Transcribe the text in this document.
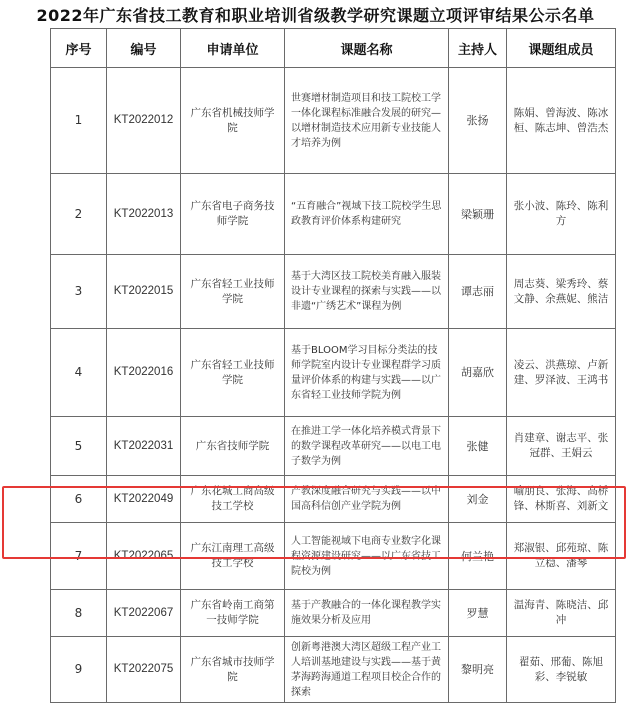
2022年广东省技工教育和职业培训省级教学研究课题立项评审结果公示名单
序号	编号	申请单位	课题名称	主持人	课题组成员
1	KT2022012	广东省机械技师学院	世赛增材制造项目和技工院校工学一体化课程标准融合发展的研究—以增材制造技术应用新专业技能人才培养为例	张扬	陈娟、曾海波、陈冰桓、陈志坤、曾浩杰
2	KT2022013	广东省电子商务技师学院	“五育融合”视域下技工院校学生思政教育评价体系构建研究	梁颖珊	张小波、陈玲、陈利方
3	KT2022015	广东省轻工业技师学院	基于大湾区技工院校美育融入服装设计专业课程的探索与实践——以非遗“广绣艺术”课程为例	谭志丽	周志葵、梁秀玲、蔡文静、余燕妮、熊洁
4	KT2022016	广东省轻工业技师学院	基于BLOOM学习目标分类法的技师学院室内设计专业课程群学习质量评价体系的构建与实践——以广东省轻工业技师学院为例	胡嘉欣	凌云、洪燕琼、卢新建、罗泽波、王鸿书
5	KT2022031	广东省技师学院	在推进工学一体化培养模式背景下的数学课程改革研究——以电工电子数学为例	张健	肖建章、谢志平、张冠群、王娟云
6	KT2022049	广东花城工商高级技工学校	产教深度融合研究与实践——以中国高科信创产业学院为例	刘金	喻朋良、张海、高桥锋、林斯喜、刘新文
7	KT2022065	广东江南理工高级技工学校	人工智能视域下电商专业数字化课程资源建设研究——以广东省技工院校为例	何兰艳	郑淑银、邱苑琼、陈立稳、潘琴
8	KT2022067	广东省岭南工商第一技师学院	基于产教融合的一体化课程教学实施效果分析及应用	罗慧	温海青、陈晓洁、邱冲
9	KT2022075	广东省城市技师学院	创新粤港澳大湾区超级工程产业工人培训基地建设与实践——基于黄茅海跨海通道工程项目校企合作的探索	黎明亮	翟茹、邢葡、陈旭彩、李锐敏
